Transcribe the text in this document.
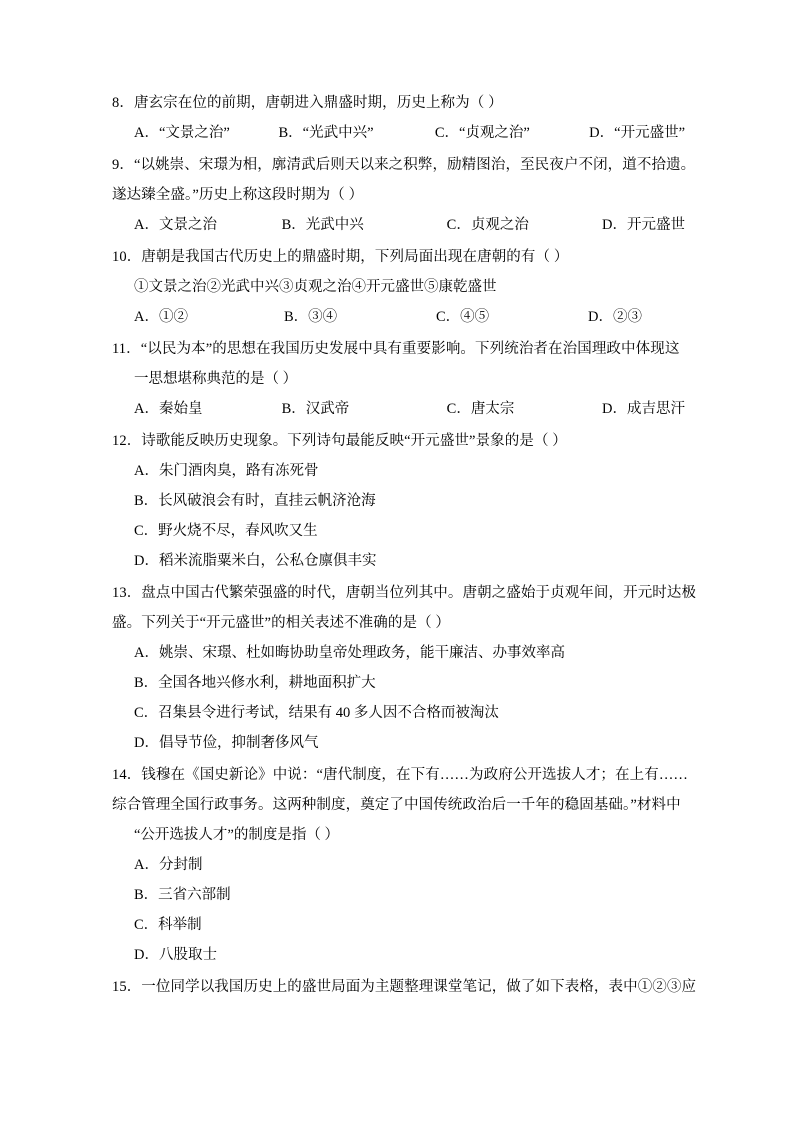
8．唐玄宗在位的前期，唐朝进入鼎盛时期，历史上称为（ ）
A．“文景之治”	B．“光武中兴”	C．“贞观之治”	D．“开元盛世”
9．“以姚崇、宋璟为相，廓清武后则天以来之积弊，励精图治，至民夜户不闭，道不拾遗。
遂达臻全盛。”历史上称这段时期为（ ）
A．文景之治	B．光武中兴	C．贞观之治	D．开元盛世
10．唐朝是我国古代历史上的鼎盛时期，下列局面出现在唐朝的有（ ）
①文景之治②光武中兴③贞观之治④开元盛世⑤康乾盛世
A．①②	B．③④	C．④⑤	D．②③
11．“以民为本”的思想在我国历史发展中具有重要影响。下列统治者在治国理政中体现这
一思想堪称典范的是（ ）
A．秦始皇	B．汉武帝	C．唐太宗	D．成吉思汗
12．诗歌能反映历史现象。下列诗句最能反映“开元盛世”景象的是（ ）
A．朱门酒肉臭，路有冻死骨
B．长风破浪会有时，直挂云帆济沧海
C．野火烧不尽，春风吹又生
D．稻米流脂粟米白，公私仓廪俱丰实
13．盘点中国古代繁荣强盛的时代，唐朝当位列其中。唐朝之盛始于贞观年间，开元时达极
盛。下列关于“开元盛世”的相关表述不准确的是（ ）
A．姚崇、宋璟、杜如晦协助皇帝处理政务，能干廉洁、办事效率高
B．全国各地兴修水利，耕地面积扩大
C．召集县令进行考试，结果有 40 多人因不合格而被淘汰
D．倡导节俭，抑制奢侈风气
14．钱穆在《国史新论》中说：“唐代制度，在下有……为政府公开选拔人才；在上有……
综合管理全国行政事务。这两种制度，奠定了中国传统政治后一千年的稳固基础。”材料中
“公开选拔人才”的制度是指（ ）
A．分封制
B．三省六部制
C．科举制
D．八股取士
15．一位同学以我国历史上的盛世局面为主题整理课堂笔记，做了如下表格，表中①②③应
